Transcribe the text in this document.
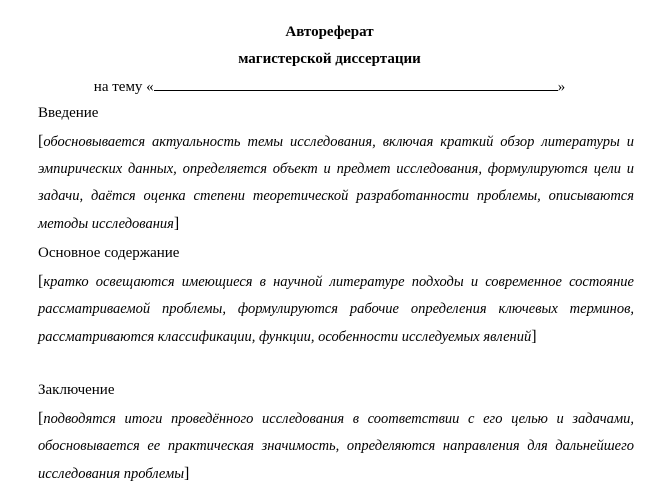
Автореферат
магистерской диссертации
на тему «	»
Введение
[обосновывается актуальность темы исследования, включая краткий обзор литературы и эмпирических данных, определяется объект и предмет исследования, формулируются цели и задачи, даётся оценка степени теоретической разработанности проблемы, описываются методы исследования]
Основное содержание
[кратко освещаются имеющиеся в научной литературе подходы и современное состояние рассматриваемой проблемы, формулируются рабочие определения ключевых терминов, рассматриваются классификации, функции, особенности исследуемых явлений]
Заключение
[подводятся итоги проведённого исследования в соответствии с его целью и задачами, обосновывается ее практическая значимость, определяются направления для дальнейшего исследования проблемы]
